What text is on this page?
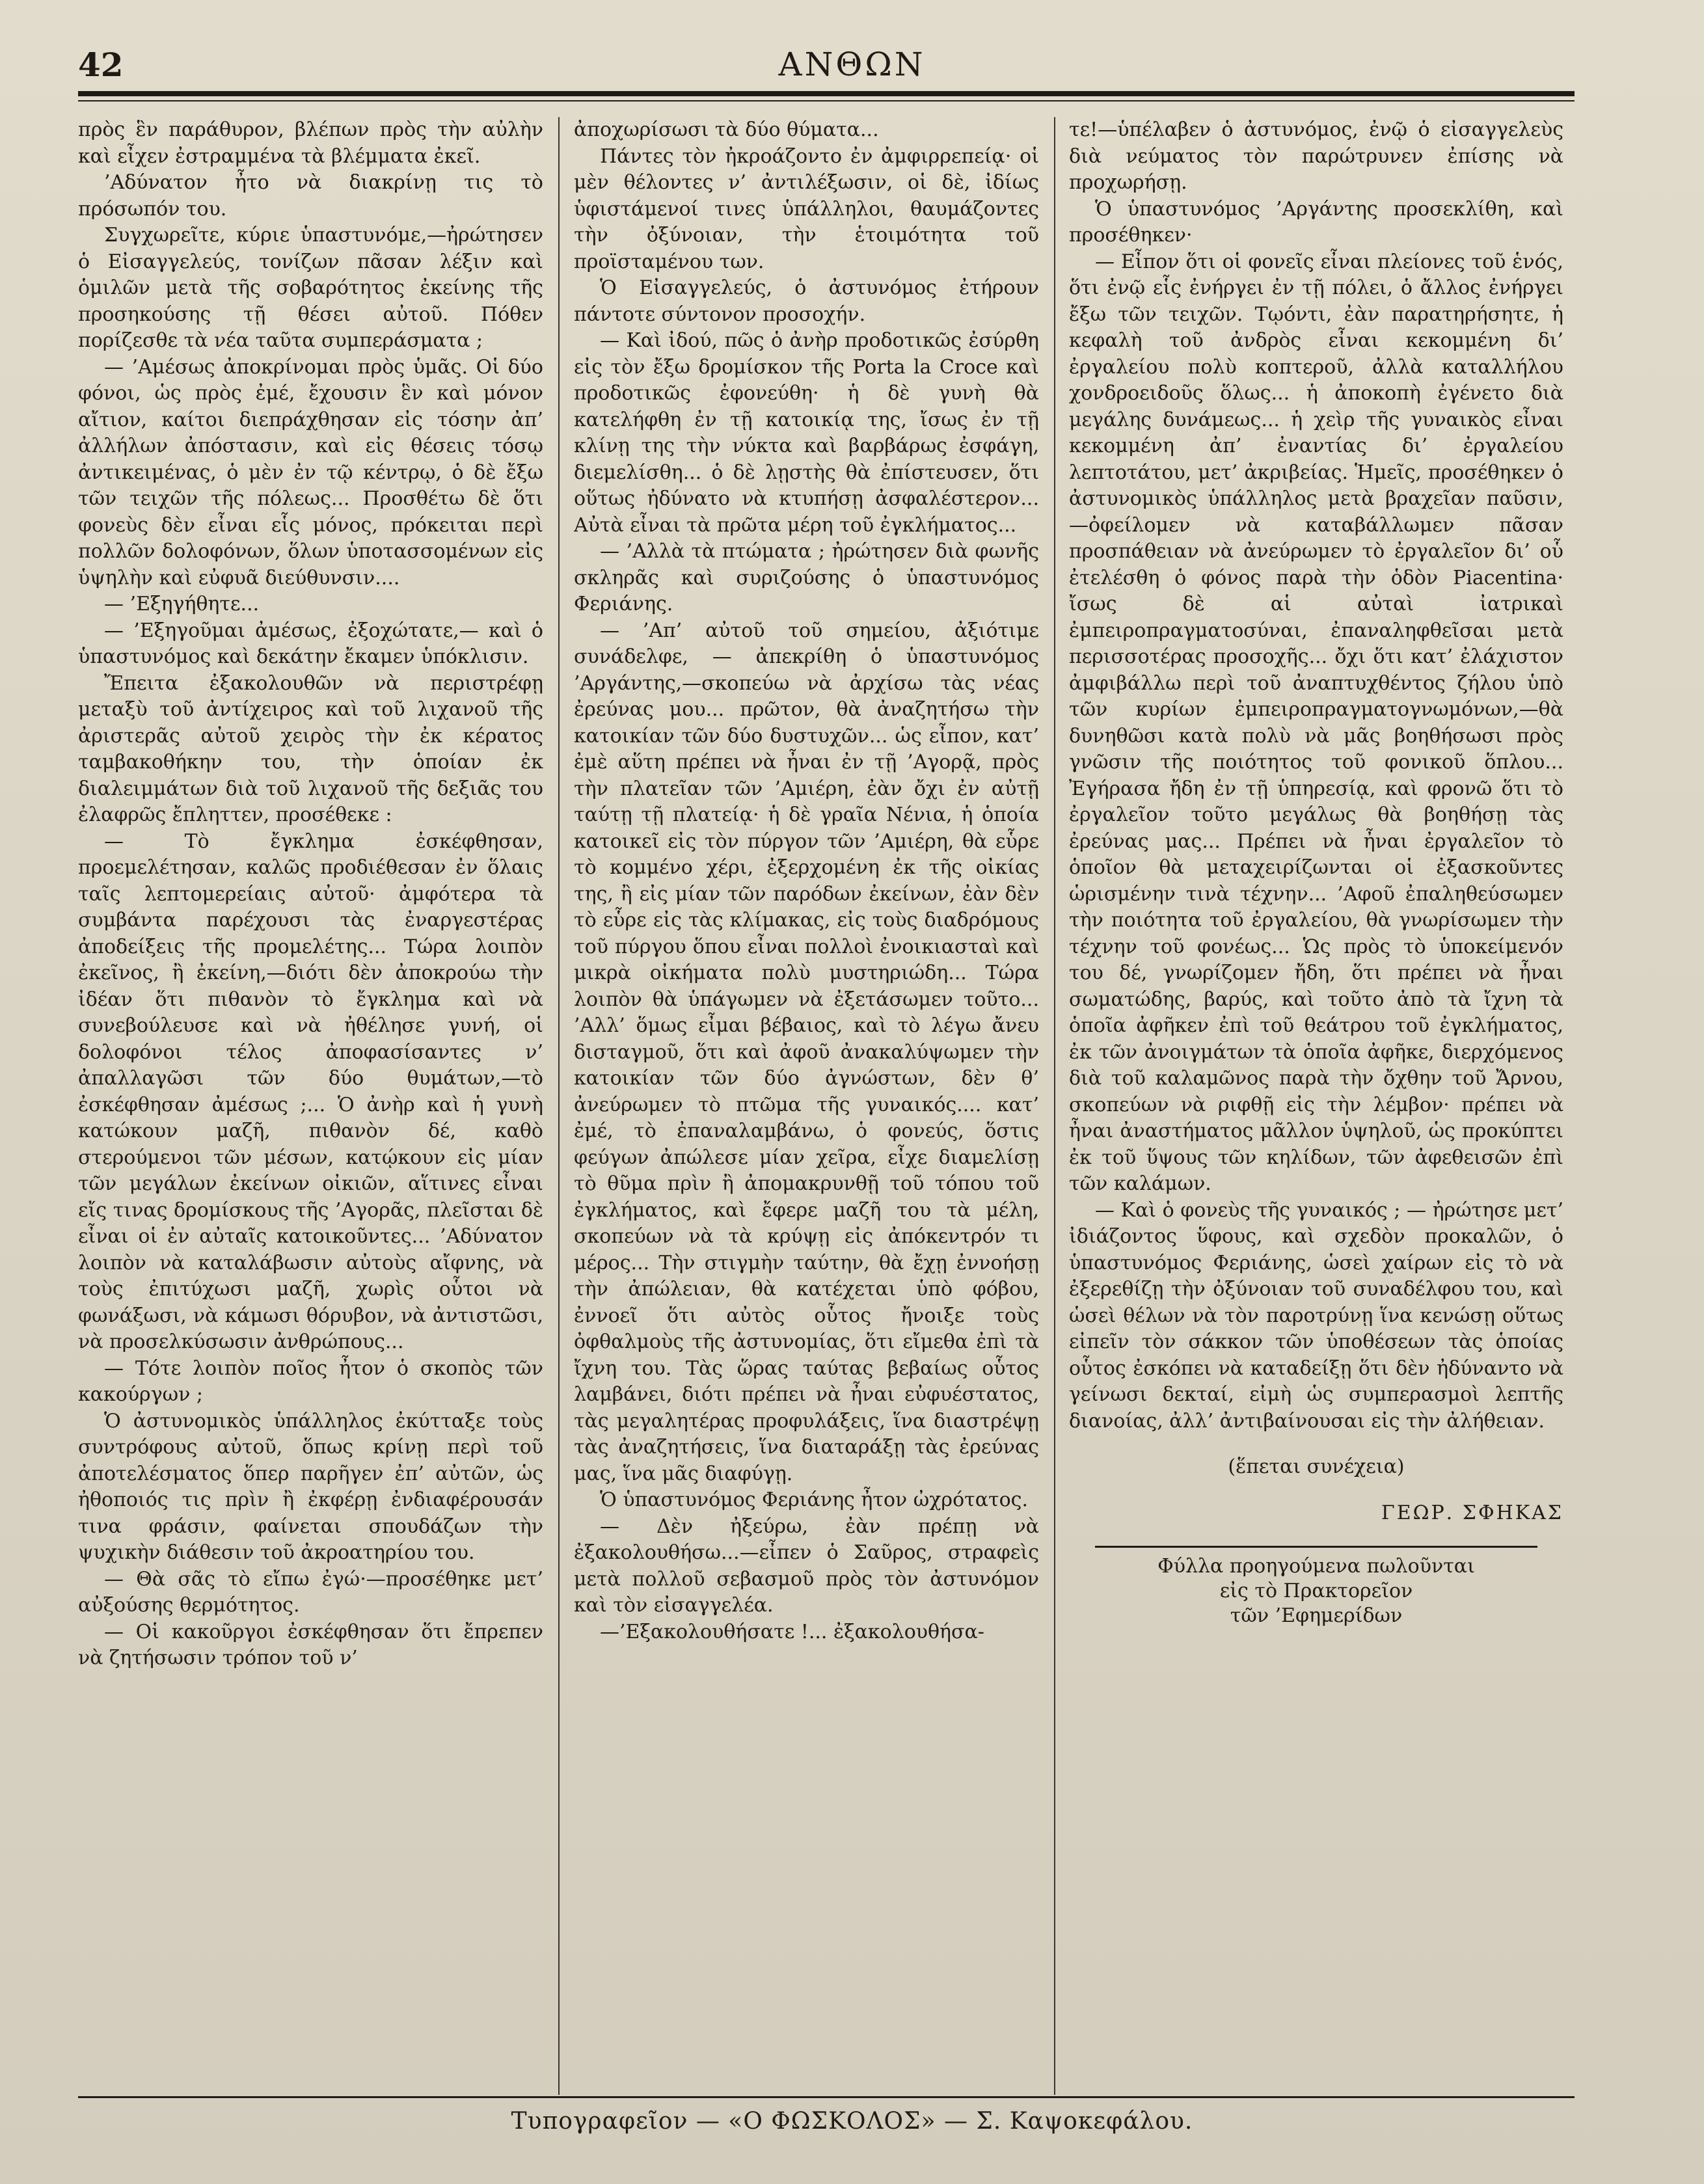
42	ΑΝΘΩΝ

πρὸς ἓν παράθυρον, βλέπων πρὸς τὴν αὐλὴν καὶ εἶχεν ἐστραμμένα τὰ βλέμματα ἐκεῖ.

’Αδύνατον ἦτο νὰ διακρίνῃ τις τὸ πρόσωπόν του.

Συγχωρεῖτε, κύριε ὑπαστυνόμε,—ἠρώτησεν ὁ Εἰσαγγελεύς, τονίζων πᾶσαν λέξιν καὶ ὁμιλῶν μετὰ τῆς σοβαρότητος ἐκείνης τῆς προσηκούσης τῇ θέσει αὐτοῦ. Πόθεν πορίζεσθε τὰ νέα ταῦτα συμπεράσματα ;

— ’Αμέσως ἀποκρίνομαι πρὸς ὑμᾶς. Οἱ δύο φόνοι, ὡς πρὸς ἐμέ, ἔχουσιν ἓν καὶ μόνον αἴτιον, καίτοι διεπράχθησαν εἰς τόσην ἀπ’ ἀλλήλων ἀπόστασιν, καὶ εἰς θέσεις τόσῳ ἀντικειμένας, ὁ μὲν ἐν τῷ κέντρῳ, ὁ δὲ ἔξω τῶν τειχῶν τῆς πόλεως... Προσθέτω δὲ ὅτι φονεὺς δὲν εἶναι εἷς μόνος, πρόκειται περὶ πολλῶν δολοφόνων, ὅλων ὑποτασσομένων εἰς ὑψηλὴν καὶ εὐφυᾶ διεύθυνσιν....

— ’Εξηγήθητε...

— ’Εξηγοῦμαι ἀμέσως, ἐξοχώτατε,— καὶ ὁ ὑπαστυνόμος καὶ δεκάτην ἔκαμεν ὑπόκλισιν.

Ἔπειτα ἐξακολουθῶν νὰ περιστρέφῃ μεταξὺ τοῦ ἀντίχειρος καὶ τοῦ λιχανοῦ τῆς ἀριστερᾶς αὐτοῦ χειρὸς τὴν ἐκ κέρατος ταμβακοθήκην του, τὴν ὁποίαν ἐκ διαλειμμάτων διὰ τοῦ λιχανοῦ τῆς δεξιᾶς του ἐλαφρῶς ἔπληττεν, προσέθεκε :

— Τὸ ἔγκλημα ἐσκέφθησαν, προεμελέτησαν, καλῶς προδιέθεσαν ἐν ὅλαις ταῖς λεπτομερείαις αὐτοῦ· ἀμφότερα τὰ συμβάντα παρέχουσι τὰς ἐναργεστέρας ἀποδείξεις τῆς προμελέτης... Τώρα λοιπὸν ἐκεῖνος, ἢ ἐκείνη,—διότι δὲν ἀποκρούω τὴν ἰδέαν ὅτι πιθανὸν τὸ ἔγκλημα καὶ νὰ συνεβούλευσε καὶ νὰ ἠθέλησε γυνή, οἱ δολοφόνοι τέλος ἀποφασίσαντες ν’ ἀπαλλαγῶσι τῶν δύο θυμάτων,—τὸ ἐσκέφθησαν ἀμέσως ;... Ὁ ἀνὴρ καὶ ἡ γυνὴ κατώκουν μαζῆ, πιθανὸν δέ, καθὸ στερούμενοι τῶν μέσων, κατῴκουν εἰς μίαν τῶν μεγάλων ἐκείνων οἰκιῶν, αἵτινες εἶναι εἴς τινας δρομίσκους τῆς ’Αγορᾶς, πλεῖσται δὲ εἶναι οἱ ἐν αὐταῖς κατοικοῦντες... ’Αδύνατον λοιπὸν νὰ καταλάβωσιν αὐτοὺς αἴφνης, νὰ τοὺς ἐπιτύχωσι μαζῆ, χωρὶς οὗτοι νὰ φωνάξωσι, νὰ κάμωσι θόρυβον, νὰ ἀντιστῶσι, νὰ προσελκύσωσιν ἀνθρώπους...

— Τότε λοιπὸν ποῖος ἦτον ὁ σκοπὸς τῶν κακούργων ;

Ὁ ἀστυνομικὸς ὑπάλληλος ἐκύτταξε τοὺς συντρόφους αὐτοῦ, ὅπως κρίνῃ περὶ τοῦ ἀποτελέσματος ὅπερ παρῆγεν ἐπ’ αὐτῶν, ὡς ἠθοποιός τις πρὶν ἢ ἐκφέρῃ ἐνδιαφέρουσάν τινα φράσιν, φαίνεται σπουδάζων τὴν ψυχικὴν διάθεσιν τοῦ ἀκροατηρίου του.

— Θὰ σᾶς τὸ εἴπω ἐγώ·—προσέθηκε μετ’ αὐξούσης θερμότητος.

— Οἱ κακοῦργοι ἐσκέφθησαν ὅτι ἔπρεπεν νὰ ζητήσωσιν τρόπον τοῦ ν’

ἀποχωρίσωσι τὰ δύο θύματα...

Πάντες τὸν ἠκροάζοντο ἐν ἀμφιρρεπείᾳ· οἱ μὲν θέλοντες ν’ ἀντιλέξωσιν, οἱ δὲ, ἰδίως ὑφιστάμενοί τινες ὑπάλληλοι, θαυμάζοντες τὴν ὀξύνοιαν, τὴν ἑτοιμότητα τοῦ προϊσταμένου των.

Ὁ Εἰσαγγελεύς, ὁ ἀστυνόμος ἐτήρουν πάντοτε σύντονον προσοχήν.

— Καὶ ἰδού, πῶς ὁ ἀνὴρ προδοτικῶς ἐσύρθη εἰς τὸν ἔξω δρομίσκον τῆς Porta la Croce καὶ προδοτικῶς ἐφονεύθη· ἡ δὲ γυνὴ θὰ κατελήφθη ἐν τῇ κατοικίᾳ της, ἴσως ἐν τῇ κλίνῃ της τὴν νύκτα καὶ βαρβάρως ἐσφάγη, διεμελίσθη... ὁ δὲ λῃστὴς θὰ ἐπίστευσεν, ὅτι οὕτως ἠδύνατο νὰ κτυπήσῃ ἀσφαλέστερον... Αὐτὰ εἶναι τὰ πρῶτα μέρη τοῦ ἐγκλήματος...

— ’Αλλὰ τὰ πτώματα ; ἠρώτησεν διὰ φωνῆς σκληρᾶς καὶ συριζούσης ὁ ὑπαστυνόμος Φεριάνης.

— ’Απ’ αὐτοῦ τοῦ σημείου, ἀξιότιμε συνάδελφε, — ἀπεκρίθη ὁ ὑπαστυνόμος ’Αργάντης,—σκοπεύω νὰ ἀρχίσω τὰς νέας ἐρεύνας μου... πρῶτον, θὰ ἀναζητήσω τὴν κατοικίαν τῶν δύο δυστυχῶν... ὡς εἶπον, κατ’ ἐμὲ αὕτη πρέπει νὰ ἦναι ἐν τῇ ’Αγορᾷ, πρὸς τὴν πλατεῖαν τῶν ’Αμιέρη, ἐὰν ὄχι ἐν αὐτῇ ταύτῃ τῇ πλατείᾳ· ἡ δὲ γραῖα Νένια, ἡ ὁποία κατοικεῖ εἰς τὸν πύργον τῶν ’Αμιέρη, θὰ εὗρε τὸ κομμένο χέρι, ἐξερχομένη ἐκ τῆς οἰκίας της, ἢ εἰς μίαν τῶν παρόδων ἐκείνων, ἐὰν δὲν τὸ εὗρε εἰς τὰς κλίμακας, εἰς τοὺς διαδρόμους τοῦ πύργου ὅπου εἶναι πολλοὶ ἐνοικιασταὶ καὶ μικρὰ οἰκήματα πολὺ μυστηριώδη... Τώρα λοιπὸν θὰ ὑπάγωμεν νὰ ἐξετάσωμεν τοῦτο... ’Αλλ’ ὅμως εἶμαι βέβαιος, καὶ τὸ λέγω ἄνευ δισταγμοῦ, ὅτι καὶ ἀφοῦ ἀνακαλύψωμεν τὴν κατοικίαν τῶν δύο ἀγνώστων, δὲν θ’ ἀνεύρωμεν τὸ πτῶμα τῆς γυναικός.... κατ’ ἐμέ, τὸ ἐπαναλαμβάνω, ὁ φονεύς, ὅστις φεύγων ἀπώλεσε μίαν χεῖρα, εἶχε διαμελίσῃ τὸ θῦμα πρὶν ἢ ἀπομακρυνθῇ τοῦ τόπου τοῦ ἐγκλήματος, καὶ ἔφερε μαζῆ του τὰ μέλη, σκοπεύων νὰ τὰ κρύψῃ εἰς ἀπόκεντρόν τι μέρος... Τὴν στιγμὴν ταύτην, θὰ ἔχῃ ἐννοήσῃ τὴν ἀπώλειαν, θὰ κατέχεται ὑπὸ φόβου, ἐννοεῖ ὅτι αὐτὸς οὗτος ἤνοιξε τοὺς ὀφθαλμοὺς τῆς ἀστυνομίας, ὅτι εἴμεθα ἐπὶ τὰ ἴχνη του. Τὰς ὥρας ταύτας βεβαίως οὗτος λαμβάνει, διότι πρέπει νὰ ἦναι εὐφυέστατος, τὰς μεγαλητέρας προφυλάξεις, ἵνα διαστρέψῃ τὰς ἀναζητήσεις, ἵνα διαταράξῃ τὰς ἐρεύνας μας, ἵνα μᾶς διαφύγῃ.

Ὁ ὑπαστυνόμος Φεριάνης ἦτον ὠχρότατος.

— Δὲν ἠξεύρω, ἐὰν πρέπῃ νὰ ἐξακολουθήσω...—εἶπεν ὁ Σαῦρος, στραφεὶς μετὰ πολλοῦ σεβασμοῦ πρὸς τὸν ἀστυνόμον καὶ τὸν εἰσαγγελέα.

—’Εξακολουθήσατε !... ἐξακολουθήσα-

τε!—ὑπέλαβεν ὁ ἀστυνόμος, ἐνῷ ὁ εἰσαγγελεὺς διὰ νεύματος τὸν παρώτρυνεν ἐπίσης νὰ προχωρήσῃ.

Ὁ ὑπαστυνόμος ’Αργάντης προσεκλίθη, καὶ προσέθηκεν·

— Εἶπον ὅτι οἱ φονεῖς εἶναι πλείονες τοῦ ἑνός, ὅτι ἐνῷ εἷς ἐνήργει ἐν τῇ πόλει, ὁ ἄλλος ἐνήργει ἔξω τῶν τειχῶν. Τῳόντι, ἐὰν παρατηρήσητε, ἡ κεφαλὴ τοῦ ἀνδρὸς εἶναι κεκομμένη δι’ ἐργαλείου πολὺ κοπτεροῦ, ἀλλὰ καταλλήλου χονδροειδοῦς ὅλως... ἡ ἀποκοπὴ ἐγένετο διὰ μεγάλης δυνάμεως... ἡ χεὶρ τῆς γυναικὸς εἶναι κεκομμένη ἀπ’ ἐναντίας δι’ ἐργαλείου λεπτοτάτου, μετ’ ἀκριβείας. Ἡμεῖς, προσέθηκεν ὁ ἀστυνομικὸς ὑπάλληλος μετὰ βραχεῖαν παῦσιν,—ὀφείλομεν νὰ καταβάλλωμεν πᾶσαν προσπάθειαν νὰ ἀνεύρωμεν τὸ ἐργαλεῖον δι’ οὗ ἐτελέσθη ὁ φόνος παρὰ τὴν ὁδὸν Piacentina· ἴσως δὲ αἱ αὐταὶ ἰατρικαὶ ἐμπειροπραγματοσύναι, ἐπαναληφθεῖσαι μετὰ περισσοτέρας προσοχῆς... ὄχι ὅτι κατ’ ἐλάχιστον ἀμφιβάλλω περὶ τοῦ ἀναπτυχθέντος ζήλου ὑπὸ τῶν κυρίων ἐμπειροπραγματογνωμόνων,—θὰ δυνηθῶσι κατὰ πολὺ νὰ μᾶς βοηθήσωσι πρὸς γνῶσιν τῆς ποιότητος τοῦ φονικοῦ ὅπλου... Ἐγήρασα ἤδη ἐν τῇ ὑπηρεσίᾳ, καὶ φρονῶ ὅτι τὸ ἐργαλεῖον τοῦτο μεγάλως θὰ βοηθήσῃ τὰς ἐρεύνας μας... Πρέπει νὰ ἦναι ἐργαλεῖον τὸ ὁποῖον θὰ μεταχειρίζωνται οἱ ἐξασκοῦντες ὡρισμένην τινὰ τέχνην... ’Αφοῦ ἐπαληθεύσωμεν τὴν ποιότητα τοῦ ἐργαλείου, θὰ γνωρίσωμεν τὴν τέχνην τοῦ φονέως... Ὡς πρὸς τὸ ὑποκείμενόν του δέ, γνωρίζομεν ἤδη, ὅτι πρέπει νὰ ἦναι σωματώδης, βαρύς, καὶ τοῦτο ἀπὸ τὰ ἴχνη τὰ ὁποῖα ἀφῆκεν ἐπὶ τοῦ θεάτρου τοῦ ἐγκλήματος, ἐκ τῶν ἀνοιγμάτων τὰ ὁποῖα ἀφῆκε, διερχόμενος διὰ τοῦ καλαμῶνος παρὰ τὴν ὄχθην τοῦ Ἄρνου, σκοπεύων νὰ ριφθῇ εἰς τὴν λέμβον· πρέπει νὰ ἦναι ἀναστήματος μᾶλλον ὑψηλοῦ, ὡς προκύπτει ἐκ τοῦ ὕψους τῶν κηλίδων, τῶν ἀφεθεισῶν ἐπὶ τῶν καλάμων.

— Καὶ ὁ φονεὺς τῆς γυναικός ; — ἠρώτησε μετ’ ἰδιάζοντος ὕφους, καὶ σχεδὸν προκαλῶν, ὁ ὑπαστυνόμος Φεριάνης, ὡσεὶ χαίρων εἰς τὸ νὰ ἐξερεθίζῃ τὴν ὀξύνοιαν τοῦ συναδέλφου του, καὶ ὡσεὶ θέλων νὰ τὸν παροτρύνῃ ἵνα κενώσῃ οὕτως εἰπεῖν τὸν σάκκον τῶν ὑποθέσεων τὰς ὁποίας οὗτος ἐσκόπει νὰ καταδείξῃ ὅτι δὲν ἠδύναντο νὰ γείνωσι δεκταί, εἰμὴ ὡς συμπερασμοὶ λεπτῆς διανοίας, ἀλλ’ ἀντιβαίνουσαι εἰς τὴν ἀλήθειαν.

(ἕπεται συνέχεια)

ΓΕΩΡ. ΣΦΗΚΑΣ

Φύλλα προηγούμενα πωλοῦνται

εἰς τὸ Πρακτορεῖον

τῶν ’Εφημερίδων

Τυπογραφεῖον — «Ο ΦΩΣΚΟΛΟΣ» — Σ. Καψοκεφάλου.
